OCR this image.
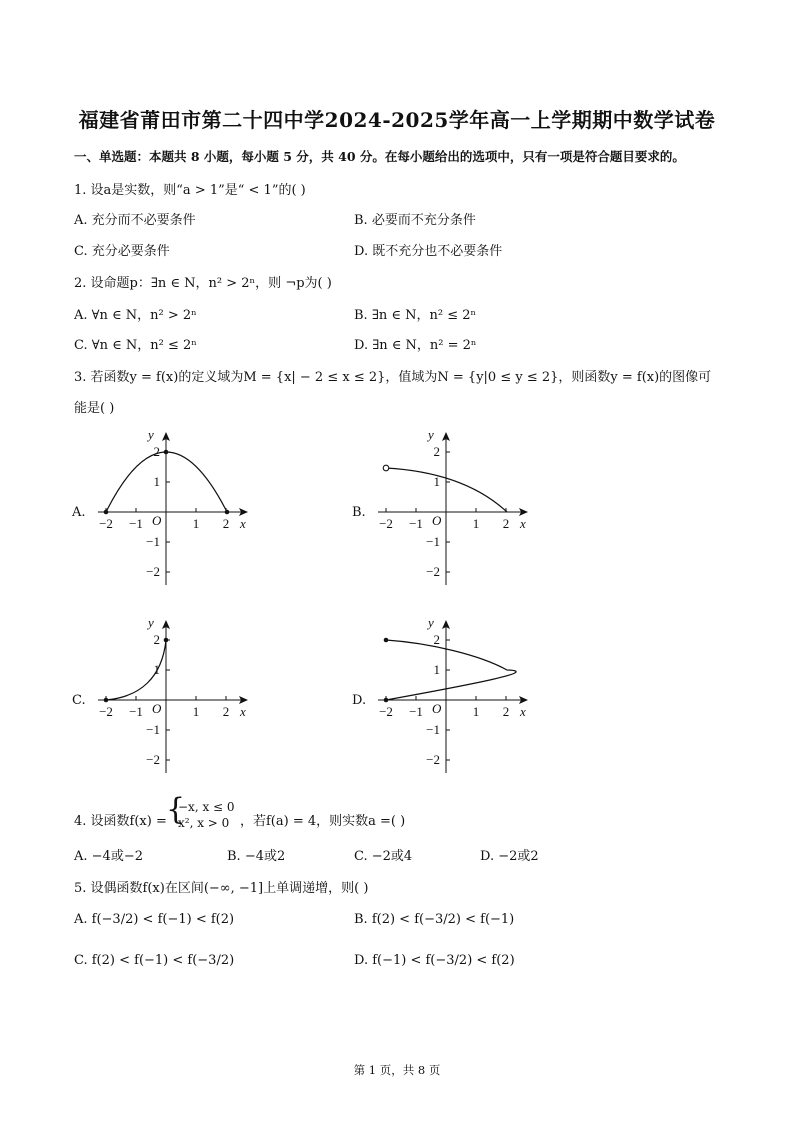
福建省莆田市第二十四中学2024-2025学年高一上学期期中数学试卷
一、单选题：本题共 8 小题，每小题 5 分，共 40 分。在每小题给出的选项中，只有一项是符合题目要求的。
1. 设a是实数，则“a > 1”是“ < 1”的( )
A. 充分而不必要条件	B. 必要而不充分条件
C. 充分必要条件	D. 既不充分也不必要条件
2. 设命题p：∃n ∈ N，n² > 2ⁿ，则 ¬p为( )
A. ∀n ∈ N，n² > 2ⁿ	B. ∃n ∈ N，n² ≤ 2ⁿ
C. ∀n ∈ N，n² ≤ 2ⁿ	D. ∃n ∈ N，n² = 2ⁿ
3. 若函数y = f(x)的定义域为M = {x| − 2 ≤ x ≤ 2}，值域为N = {y|0 ≤ y ≤ 2}，则函数y = f(x)的图像可
能是( )
A.
−2 −1	1 2
2
1
−1
−2
x
y
O
B.
−2 −1	1 2
2
1
−1
−2
x
y
O
C.
−2 −1	1 2
2
1
−1
−2
x
y
O
D.
−2 −1	1 2
2
1
−1
−2
x
y
O
4. 设函数f(x) = {
−x, x ≤ 0
x², x > 0 ，若f(a) = 4，则实数a =( )
A. −4或−2	B. −4或2	C. −2或4	D. −2或2
5. 设偶函数f(x)在区间(−∞, −1]上单调递增，则( )
A. f(−3/2) < f(−1) < f(2)	B. f(2) < f(−3/2) < f(−1)
C. f(2) < f(−1) < f(−3/2)	D. f(−1) < f(−3/2) < f(2)
第 1 页，共 8 页
